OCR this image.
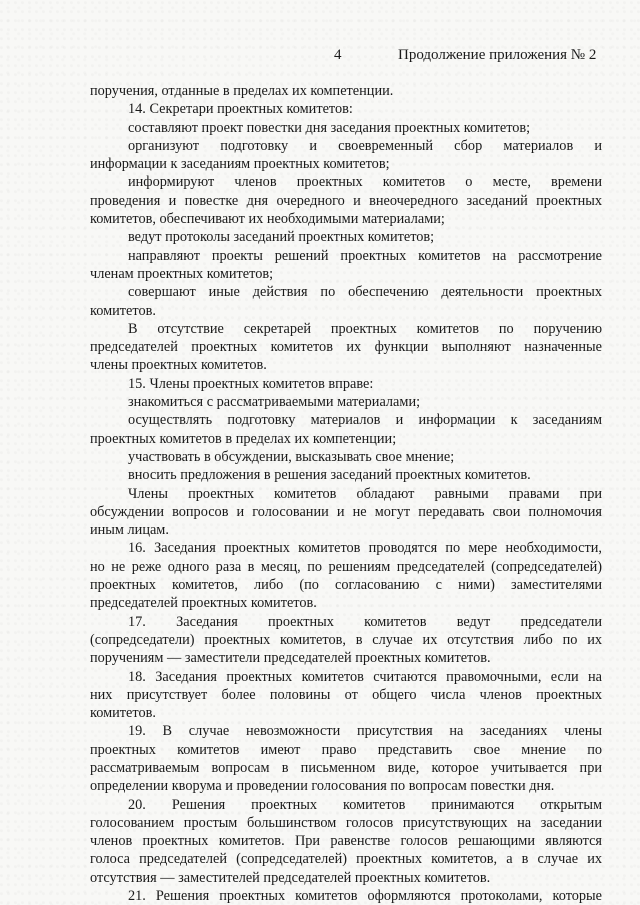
4	Продолжение приложения № 2
поручения, отданные в пределах их компетенции.
14. Секретари проектных комитетов:
составляют проект повестки дня заседания проектных комитетов;
организуют подготовку и своевременный сбор материалов и
информации к заседаниям проектных комитетов;
информируют членов проектных комитетов о месте, времени
проведения и повестке дня очередного и внеочередного заседаний проектных
комитетов, обеспечивают их необходимыми материалами;
ведут протоколы заседаний проектных комитетов;
направляют проекты решений проектных комитетов на рассмотрение
членам проектных комитетов;
совершают иные действия по обеспечению деятельности проектных
комитетов.
В отсутствие секретарей проектных комитетов по поручению
председателей проектных комитетов их функции выполняют назначенные
члены проектных комитетов.
15. Члены проектных комитетов вправе:
знакомиться с рассматриваемыми материалами;
осуществлять подготовку материалов и информации к заседаниям
проектных комитетов в пределах их компетенции;
участвовать в обсуждении, высказывать свое мнение;
вносить предложения в решения заседаний проектных комитетов.
Члены проектных комитетов обладают равными правами при
обсуждении вопросов и голосовании и не могут передавать свои полномочия
иным лицам.
16. Заседания проектных комитетов проводятся по мере необходимости,
но не реже одного раза в месяц, по решениям председателей (сопредседателей)
проектных комитетов, либо (по согласованию с ними) заместителями
председателей проектных комитетов.
17. Заседания проектных комитетов ведут председатели
(сопредседатели) проектных комитетов, в случае их отсутствия либо по их
поручениям — заместители председателей проектных комитетов.
18. Заседания проектных комитетов считаются правомочными, если на
них присутствует более половины от общего числа членов проектных
комитетов.
19. В случае невозможности присутствия на заседаниях члены
проектных комитетов имеют право представить свое мнение по
рассматриваемым вопросам в письменном виде, которое учитывается при
определении кворума и проведении голосования по вопросам повестки дня.
20. Решения проектных комитетов принимаются открытым
голосованием простым большинством голосов присутствующих на заседании
членов проектных комитетов. При равенстве голосов решающими являются
голоса председателей (сопредседателей) проектных комитетов, а в случае их
отсутствия — заместителей председателей проектных комитетов.
21. Решения проектных комитетов оформляются протоколами, которые
